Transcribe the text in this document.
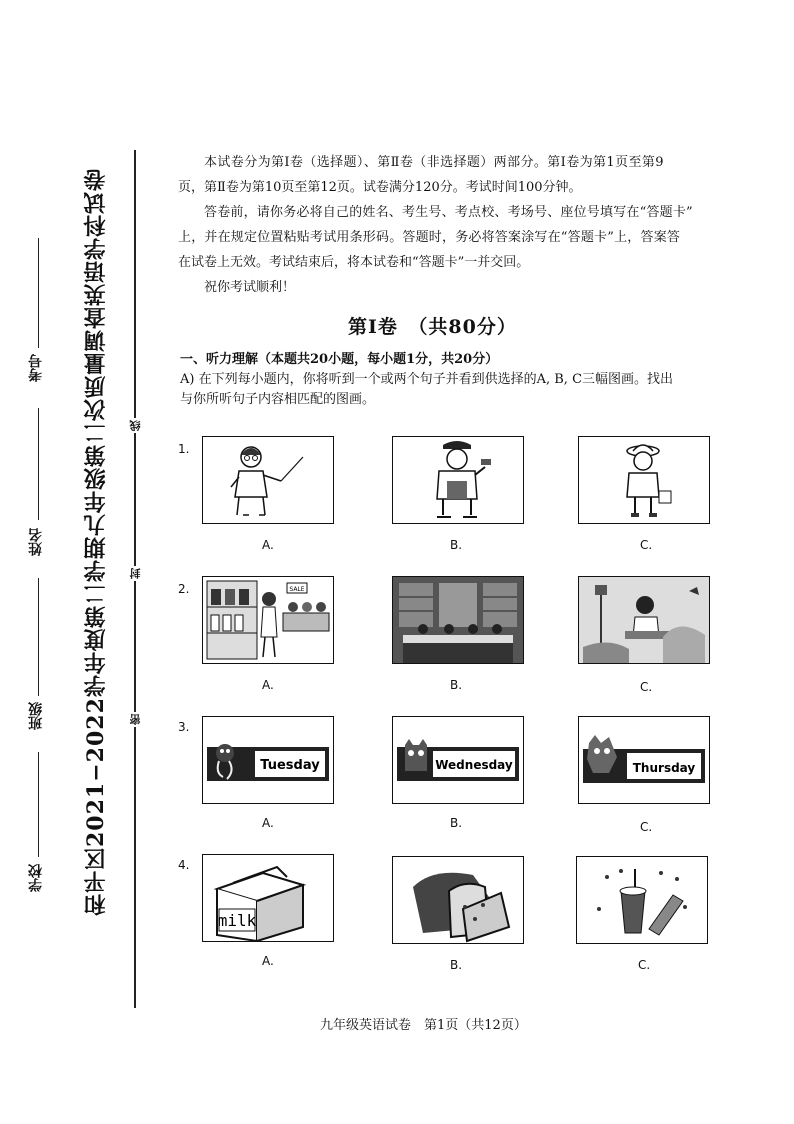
和平区2021−2022学年度第二学期九年级第二次质量调查英语学科试卷
考号
姓名
班级
学校
线
封
密

本试卷分为第Ⅰ卷（选择题）、第Ⅱ卷（非选择题）两部分。第Ⅰ卷为第1页至第9

页，第Ⅱ卷为第10页至第12页。试卷满分120分。考试时间100分钟。

答卷前，请你务必将自己的姓名、考生号、考点校、考场号、座位号填写在“答题卡”

上，并在规定位置粘贴考试用条形码。答题时，务必将答案涂写在“答题卡”上，答案答

在试卷上无效。考试结束后，将本试卷和“答题卡”一并交回。

祝你考试顺利！

第Ⅰ卷　（共80分）
一、听力理解（本题共20小题，每小题1分，共20分）
A) 在下列每小题内，你将听到一个或两个句子并看到供选择的A, B, C三幅图画。找出
与你所听句子内容相匹配的图画。
1.
A.	B.	C.
2.	SALE
A.	B.	C.
3.
Tuesday
A.
Wednesday
B.
Thursday
C.
4.
milk
A.	B.	C.
九年级英语试卷　第1页（共12页）
